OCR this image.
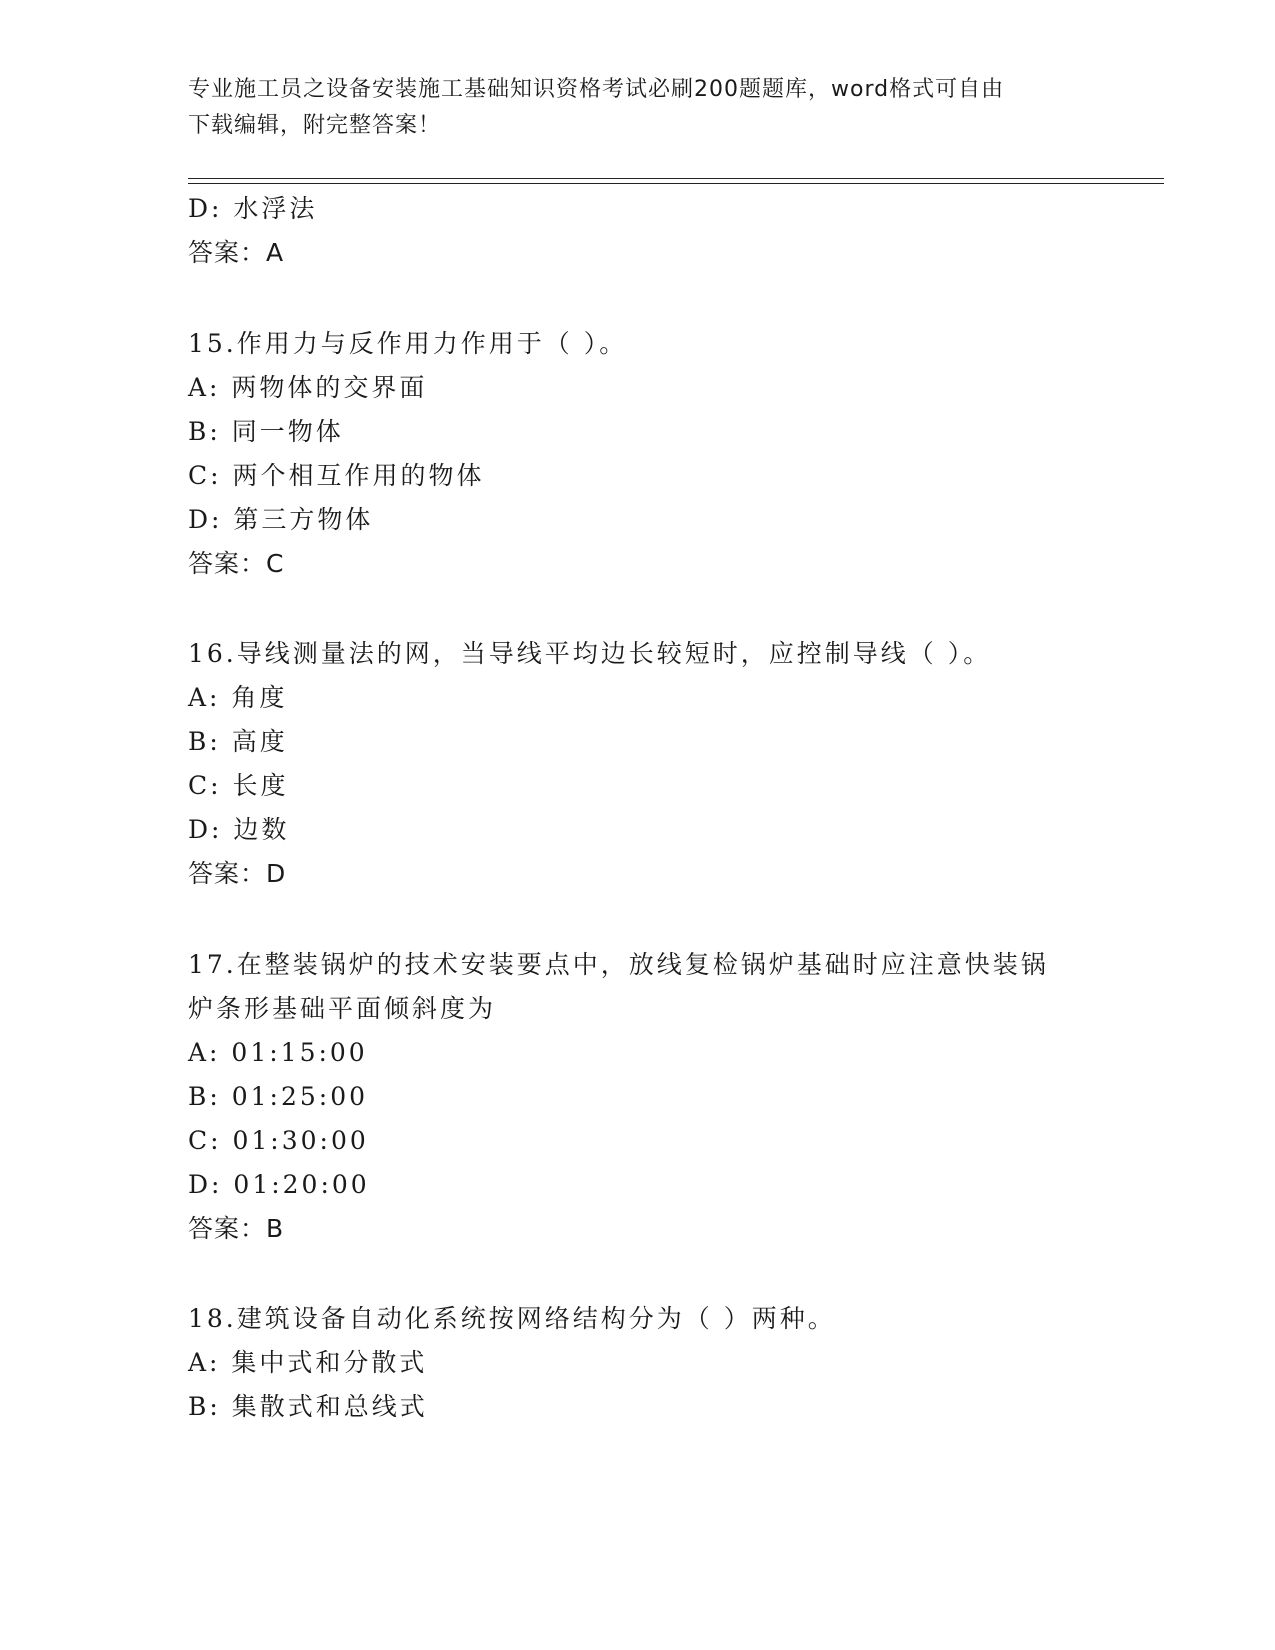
专业施工员之设备安装施工基础知识资格考试必刷200题题库，word格式可自由
下载编辑，附完整答案！
D: 水浮法
答案：A
15.作用力与反作用力作用于（ ）。
A: 两物体的交界面
B: 同一物体
C: 两个相互作用的物体
D: 第三方物体
答案：C
16.导线测量法的网，当导线平均边长较短时，应控制导线（ ）。
A: 角度
B: 高度
C: 长度
D: 边数
答案：D
17.在整装锅炉的技术安装要点中，放线复检锅炉基础时应注意快装锅
炉条形基础平面倾斜度为
A: 01:15:00
B: 01:25:00
C: 01:30:00
D: 01:20:00
答案：B
18.建筑设备自动化系统按网络结构分为（ ）两种。
A: 集中式和分散式
B: 集散式和总线式
